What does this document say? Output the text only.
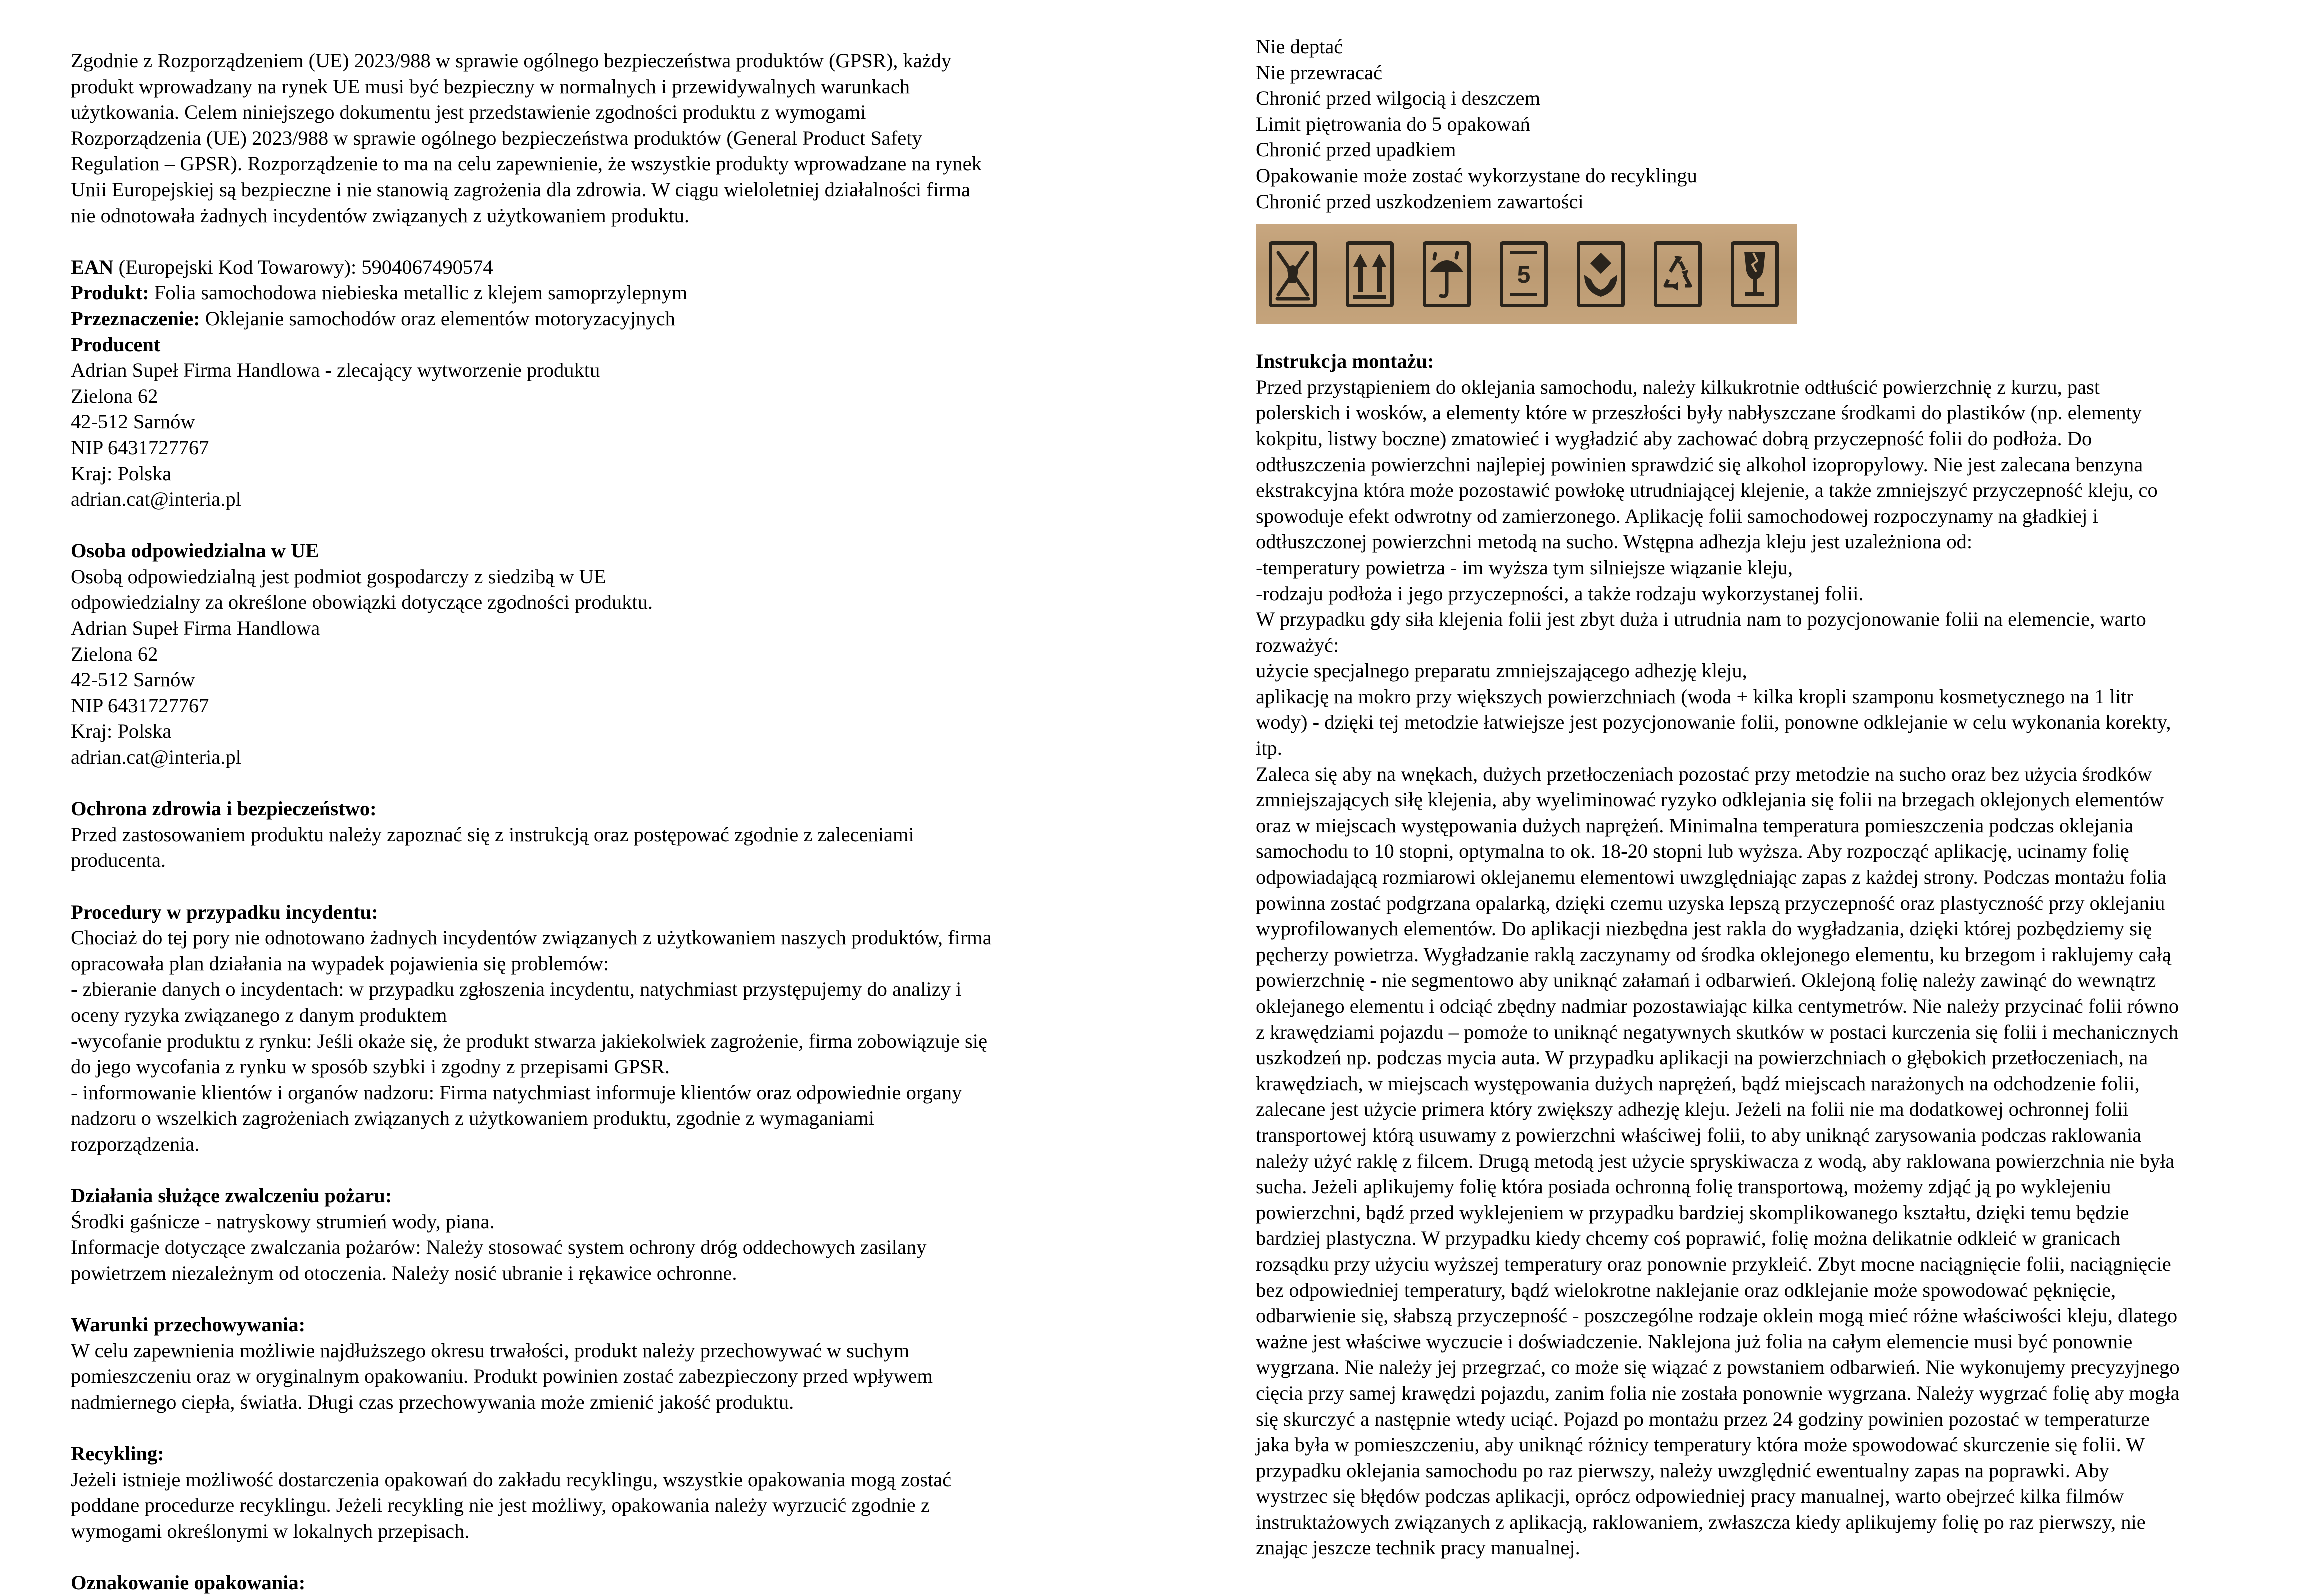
Zgodnie z Rozporządzeniem (UE) 2023/988 w sprawie ogólnego bezpieczeństwa produktów (GPSR), każdy
produkt wprowadzany na rynek UE musi być bezpieczny w normalnych i przewidywalnych warunkach
użytkowania. Celem niniejszego dokumentu jest przedstawienie zgodności produktu z wymogami
Rozporządzenia (UE) 2023/988 w sprawie ogólnego bezpieczeństwa produktów (General Product Safety
Regulation – GPSR). Rozporządzenie to ma na celu zapewnienie, że wszystkie produkty wprowadzane na rynek
Unii Europejskiej są bezpieczne i nie stanowią zagrożenia dla zdrowia. W ciągu wieloletniej działalności firma
nie odnotowała żadnych incydentów związanych z użytkowaniem produktu.

EAN (Europejski Kod Towarowy): 5904067490574

Produkt: Folia samochodowa niebieska metallic z klejem samoprzylepnym

Przeznaczenie: Oklejanie samochodów oraz elementów motoryzacyjnych

Producent

Adrian Supeł Firma Handlowa - zlecający wytworzenie produktu
Zielona 62
42-512 Sarnów
NIP 6431727767
Kraj: Polska
adrian.cat@interia.pl

Osoba odpowiedzialna w UE

Osobą odpowiedzialną jest podmiot gospodarczy z siedzibą w UE
odpowiedzialny za określone obowiązki dotyczące zgodności produktu.
Adrian Supeł Firma Handlowa
Zielona 62
42-512 Sarnów
NIP 6431727767
Kraj: Polska
adrian.cat@interia.pl

Ochrona zdrowia i bezpieczeństwo:

Przed zastosowaniem produktu należy zapoznać się z instrukcją oraz postępować zgodnie z zaleceniami
producenta.

Procedury w przypadku incydentu:

Chociaż do tej pory nie odnotowano żadnych incydentów związanych z użytkowaniem naszych produktów, firma
opracowała plan działania na wypadek pojawienia się problemów:
- zbieranie danych o incydentach: w przypadku zgłoszenia incydentu, natychmiast przystępujemy do analizy i
oceny ryzyka związanego z danym produktem
-wycofanie produktu z rynku: Jeśli okaże się, że produkt stwarza jakiekolwiek zagrożenie, firma zobowiązuje się
do jego wycofania z rynku w sposób szybki i zgodny z przepisami GPSR.
- informowanie klientów i organów nadzoru: Firma natychmiast informuje klientów oraz odpowiednie organy
nadzoru o wszelkich zagrożeniach związanych z użytkowaniem produktu, zgodnie z wymaganiami
rozporządzenia.

Działania służące zwalczeniu pożaru:

Środki gaśnicze - natryskowy strumień wody, piana.
Informacje dotyczące zwalczania pożarów: Należy stosować system ochrony dróg oddechowych zasilany
powietrzem niezależnym od otoczenia. Należy nosić ubranie i rękawice ochronne.

Warunki przechowywania:

W celu zapewnienia możliwie najdłuższego okresu trwałości, produkt należy przechowywać w suchym
pomieszczeniu oraz w oryginalnym opakowaniu. Produkt powinien zostać zabezpieczony przed wpływem
nadmiernego ciepła, światła. Długi czas przechowywania może zmienić jakość produktu.

Recykling:

Jeżeli istnieje możliwość dostarczenia opakowań do zakładu recyklingu, wszystkie opakowania mogą zostać
poddane procedurze recyklingu. Jeżeli recykling nie jest możliwy, opakowania należy wyrzucić zgodnie z
wymogami określonymi w lokalnych przepisach.

Oznakowanie opakowania:

Nie deptać
Nie przewracać
Chronić przed wilgocią i deszczem
Limit piętrowania do 5 opakowań
Chronić przed upadkiem
Opakowanie może zostać wykorzystane do recyklingu
Chronić przed uszkodzeniem zawartości

5

Instrukcja montażu:

Przed przystąpieniem do oklejania samochodu, należy kilkukrotnie odtłuścić powierzchnię z kurzu, past
polerskich i wosków, a elementy które w przeszłości były nabłyszczane środkami do plastików (np. elementy
kokpitu, listwy boczne) zmatowieć i wygładzić aby zachować dobrą przyczepność folii do podłoża. Do
odtłuszczenia powierzchni najlepiej powinien sprawdzić się alkohol izopropylowy. Nie jest zalecana benzyna
ekstrakcyjna która może pozostawić powłokę utrudniającej klejenie, a także zmniejszyć przyczepność kleju, co
spowoduje efekt odwrotny od zamierzonego. Aplikację folii samochodowej rozpoczynamy na gładkiej i
odtłuszczonej powierzchni metodą na sucho. Wstępna adhezja kleju jest uzależniona od:
-temperatury powietrza - im wyższa tym silniejsze wiązanie kleju,
-rodzaju podłoża i jego przyczepności, a także rodzaju wykorzystanej folii.
W przypadku gdy siła klejenia folii jest zbyt duża i utrudnia nam to pozycjonowanie folii na elemencie, warto
rozważyć:
użycie specjalnego preparatu zmniejszającego adhezję kleju,
aplikację na mokro przy większych powierzchniach (woda + kilka kropli szamponu kosmetycznego na 1 litr
wody) - dzięki tej metodzie łatwiejsze jest pozycjonowanie folii, ponowne odklejanie w celu wykonania korekty,
itp.
Zaleca się aby na wnękach, dużych przetłoczeniach pozostać przy metodzie na sucho oraz bez użycia środków
zmniejszających siłę klejenia, aby wyeliminować ryzyko odklejania się folii na brzegach oklejonych elementów
oraz w miejscach występowania dużych naprężeń. Minimalna temperatura pomieszczenia podczas oklejania
samochodu to 10 stopni, optymalna to ok. 18-20 stopni lub wyższa. Aby rozpocząć aplikację, ucinamy folię
odpowiadającą rozmiarowi oklejanemu elementowi uwzględniając zapas z każdej strony. Podczas montażu folia
powinna zostać podgrzana opalarką, dzięki czemu uzyska lepszą przyczepność oraz plastyczność przy oklejaniu
wyprofilowanych elementów. Do aplikacji niezbędna jest rakla do wygładzania, dzięki której pozbędziemy się
pęcherzy powietrza. Wygładzanie raklą zaczynamy od środka oklejonego elementu, ku brzegom i raklujemy całą
powierzchnię - nie segmentowo aby uniknąć załamań i odbarwień. Oklejoną folię należy zawinąć do wewnątrz
oklejanego elementu i odciąć zbędny nadmiar pozostawiając kilka centymetrów. Nie należy przycinać folii równo
z krawędziami pojazdu – pomoże to uniknąć negatywnych skutków w postaci kurczenia się folii i mechanicznych
uszkodzeń np. podczas mycia auta. W przypadku aplikacji na powierzchniach o głębokich przetłoczeniach, na
krawędziach, w miejscach występowania dużych naprężeń, bądź miejscach narażonych na odchodzenie folii,
zalecane jest użycie primera który zwiększy adhezję kleju. Jeżeli na folii nie ma dodatkowej ochronnej folii
transportowej którą usuwamy z powierzchni właściwej folii, to aby uniknąć zarysowania podczas raklowania
należy użyć raklę z filcem. Drugą metodą jest użycie spryskiwacza z wodą, aby raklowana powierzchnia nie była
sucha. Jeżeli aplikujemy folię która posiada ochronną folię transportową, możemy zdjąć ją po wyklejeniu
powierzchni, bądź przed wyklejeniem w przypadku bardziej skomplikowanego kształtu, dzięki temu będzie
bardziej plastyczna. W przypadku kiedy chcemy coś poprawić, folię można delikatnie odkleić w granicach
rozsądku przy użyciu wyższej temperatury oraz ponownie przykleić. Zbyt mocne naciągnięcie folii, naciągnięcie
bez odpowiedniej temperatury, bądź wielokrotne naklejanie oraz odklejanie może spowodować pęknięcie,
odbarwienie się, słabszą przyczepność - poszczególne rodzaje oklein mogą mieć różne właściwości kleju, dlatego
ważne jest właściwe wyczucie i doświadczenie. Naklejona już folia na całym elemencie musi być ponownie
wygrzana. Nie należy jej przegrzać, co może się wiązać z powstaniem odbarwień. Nie wykonujemy precyzyjnego
cięcia przy samej krawędzi pojazdu, zanim folia nie została ponownie wygrzana. Należy wygrzać folię aby mogła
się skurczyć a następnie wtedy uciąć. Pojazd po montażu przez 24 godziny powinien pozostać w temperaturze
jaka była w pomieszczeniu, aby uniknąć różnicy temperatury która może spowodować skurczenie się folii. W
przypadku oklejania samochodu po raz pierwszy, należy uwzględnić ewentualny zapas na poprawki. Aby
wystrzec się błędów podczas aplikacji, oprócz odpowiedniej pracy manualnej, warto obejrzeć kilka filmów
instruktażowych związanych z aplikacją, raklowaniem, zwłaszcza kiedy aplikujemy folię po raz pierwszy, nie
znając jeszcze technik pracy manualnej.
